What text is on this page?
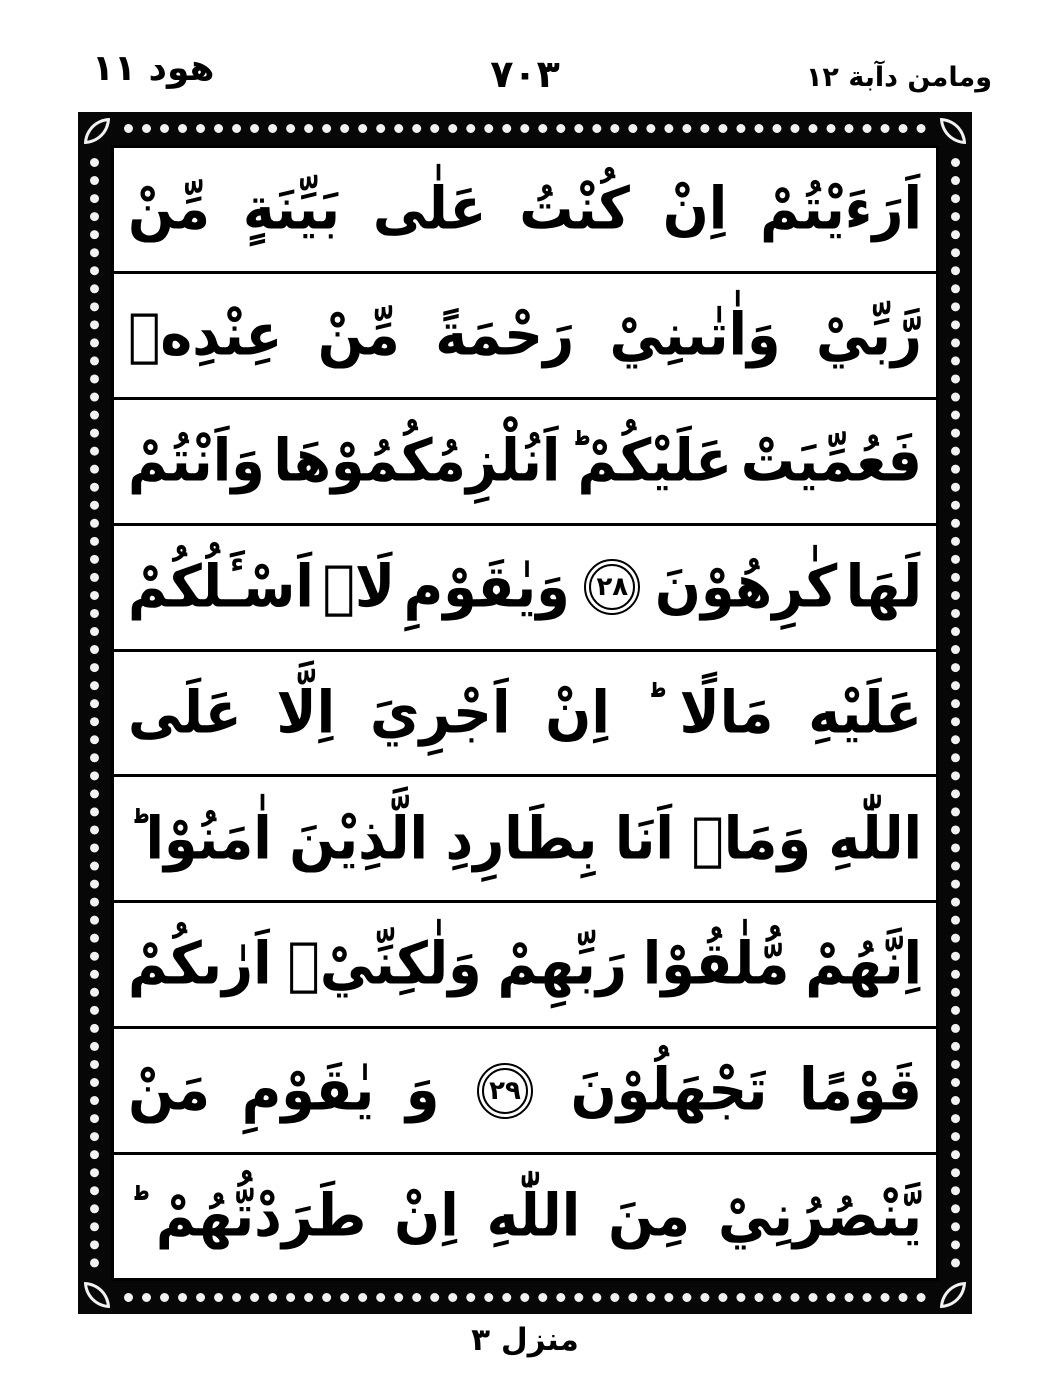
هود ١١	٧٠٣	ومامن دآبة ١٢
اَرَءَيْتُمْ
اِنْ
كُنْتُ
عَلٰى
بَيِّنَةٍ
مِّنْ
رَّبِّيْ
وَاٰتٰىنِيْ
رَحْمَةً
مِّنْ
عِنْدِهٖ
فَعُمِّيَتْ
عَلَيْكُمْ
اَنُلْزِمُكُمُوْهَا
وَاَنْتُمْ
لَهَا
كٰرِهُوْنَ
٢٨
وَيٰقَوْمِ
لَاۤ
اَسْـَٔلُكُمْ
عَلَيْهِ
مَالًا
اِنْ
اَجْرِيَ
اِلَّا
عَلَى
اللّٰهِ
وَمَاۤ
اَنَا
بِطَارِدِ
الَّذِيْنَ
اٰمَنُوْا
اِنَّهُمْ
مُّلٰقُوْا
رَبِّهِمْ
وَلٰكِنِّيْۤ
اَرٰىكُمْ
قَوْمًا
تَجْهَلُوْنَ
٢٩
وَ
يٰقَوْمِ
مَنْ
يَّنْصُرُنِيْ
مِنَ
اللّٰهِ
اِنْ
طَرَدْتُّهُمْ
منزل ٣
